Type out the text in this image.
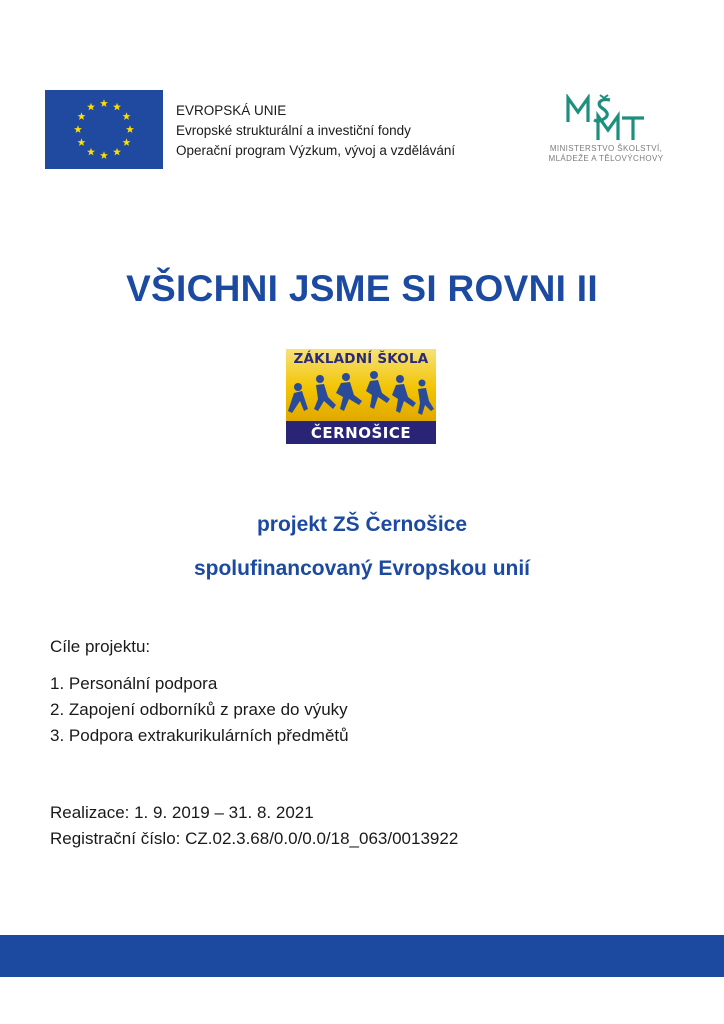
EVROPSKÁ UNIE
Evropské strukturální a investiční fondy
Operační program Výzkum, vývoj a vzdělávání	MINISTERSTVO ŠKOLSTVÍ,
MLÁDEŽE A TĚLOVÝCHOVY
VŠICHNI JSME SI ROVNI II
ZÁKLADNÍ ŠKOLA
ČERNOŠICE
projekt ZŠ Černošice
spolufinancovaný Evropskou unií
Cíle projektu:
1. Personální podpora
2. Zapojení odborníků z praxe do výuky
3. Podpora extrakurikulárních předmětů
Realizace: 1. 9. 2019 – 31. 8. 2021
Registrační číslo: CZ.02.3.68/0.0/0.0/18_063/0013922
